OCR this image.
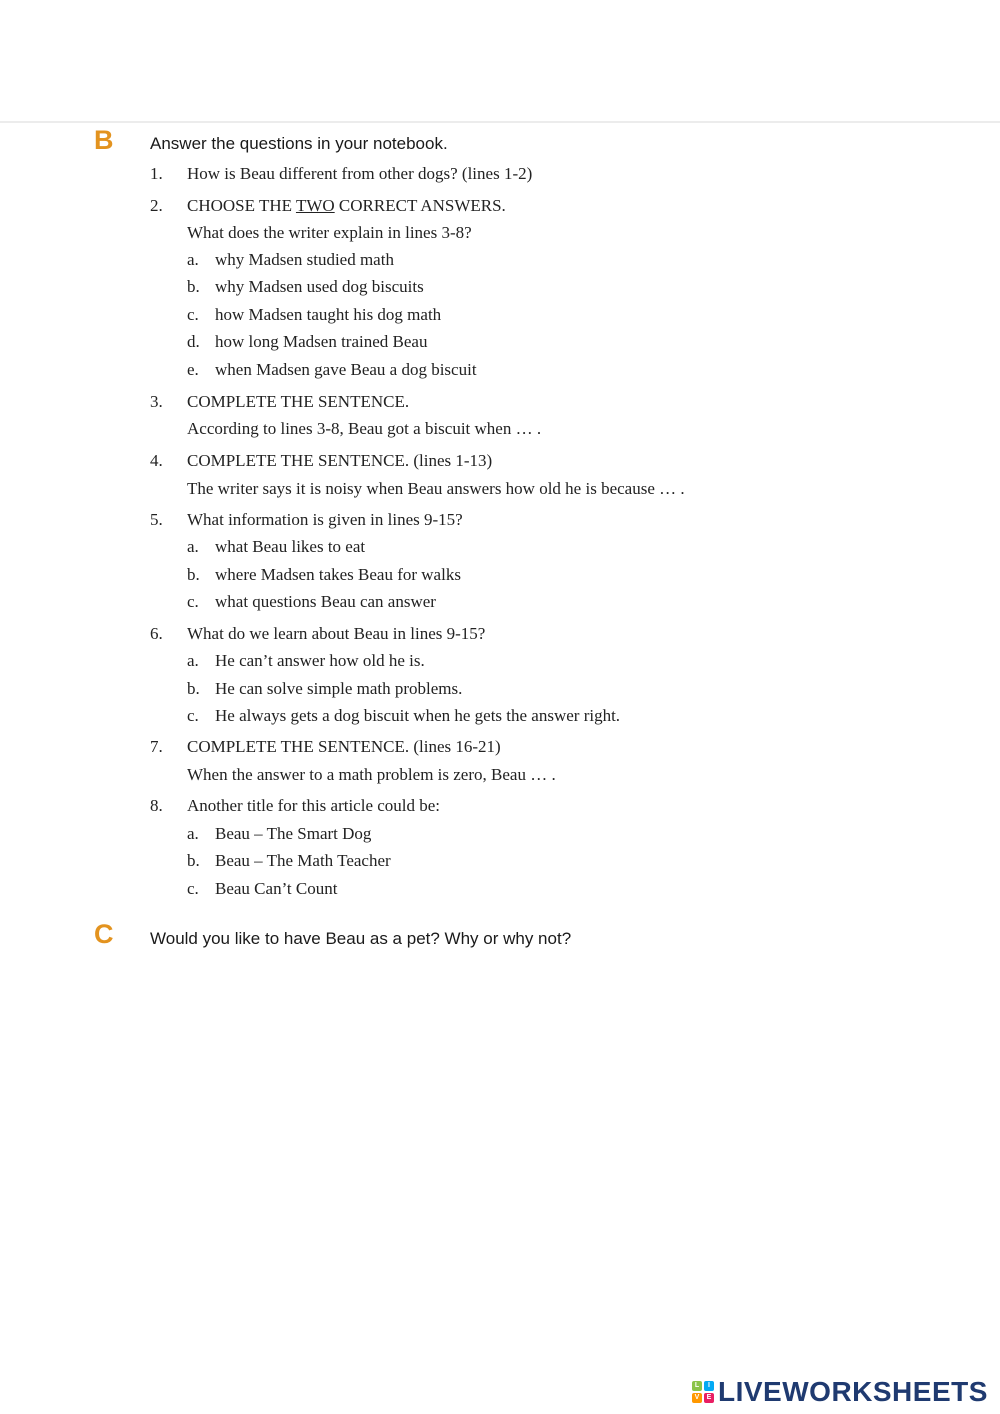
B Answer the questions in your notebook.
1. How is Beau different from other dogs? (lines 1-2)
2. CHOOSE THE TWO CORRECT ANSWERS.
What does the writer explain in lines 3-8?
a. why Madsen studied math
b. why Madsen used dog biscuits
c. how Madsen taught his dog math
d. how long Madsen trained Beau
e. when Madsen gave Beau a dog biscuit
3. COMPLETE THE SENTENCE.
According to lines 3-8, Beau got a biscuit when … .
4. COMPLETE THE SENTENCE. (lines 1-13)
The writer says it is noisy when Beau answers how old he is because … .
5. What information is given in lines 9-15?
a. what Beau likes to eat
b. where Madsen takes Beau for walks
c. what questions Beau can answer
6. What do we learn about Beau in lines 9-15?
a. He can’t answer how old he is.
b. He can solve simple math problems.
c. He always gets a dog biscuit when he gets the answer right.
7. COMPLETE THE SENTENCE. (lines 16-21)
When the answer to a math problem is zero, Beau … .
8. Another title for this article could be:
a. Beau – The Smart Dog
b. Beau – The Math Teacher
c. Beau Can’t Count
C Would you like to have Beau as a pet? Why or why not?
L	I
V	E LIVEWORKSHEETS
